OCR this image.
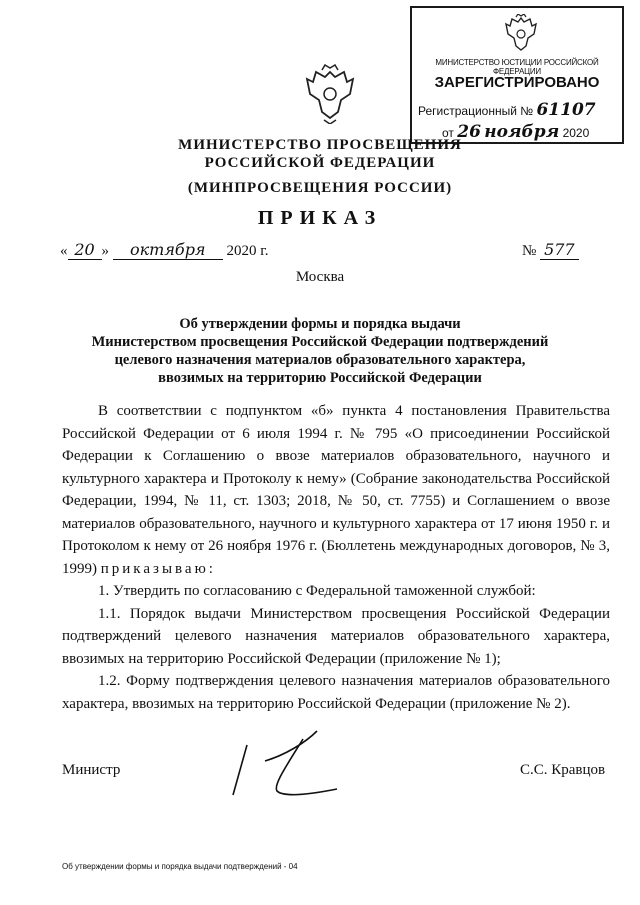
МИНИСТЕРСТВО ЮСТИЦИИ РОССИЙСКОЙ ФЕДЕРАЦИИ
ЗАРЕГИСТРИРОВАНО
Регистрационный № 61107
от 26 ноября 2020
МИНИСТЕРСТВО ПРОСВЕЩЕНИЯ
РОССИЙСКОЙ ФЕДЕРАЦИИ
(МИНПРОСВЕЩЕНИЯ РОССИИ)
ПРИКАЗ
« 20 » октября 2020 г.	№ 577
Москва
Об утверждении формы и порядка выдачи
Министерством просвещения Российской Федерации подтверждений
целевого назначения материалов образовательного характера,
ввозимых на территорию Российской Федерации

В соответствии с подпунктом «б» пункта 4 постановления Правительства Российской Федерации от 6 июля 1994 г. № 795 «О присоединении Российской Федерации к Соглашению о ввозе материалов образовательного, научного и культурного характера и Протоколу к нему» (Собрание законодательства Российской Федерации, 1994, № 11, ст. 1303; 2018, № 50, ст. 7755) и Соглашением о ввозе материалов образовательного, научного и культурного характера от 17 июня 1950 г. и Протоколом к нему от 26 ноября 1976 г. (Бюллетень международных договоров, № 3, 1999) приказываю:

1. Утвердить по согласованию с Федеральной таможенной службой:

1.1. Порядок выдачи Министерством просвещения Российской Федерации подтверждений целевого назначения материалов образовательного характера, ввозимых на территорию Российской Федерации (приложение № 1);

1.2. Форму подтверждения целевого назначения материалов образовательного характера, ввозимых на территорию Российской Федерации (приложение № 2).

Министр	С.С. Кравцов
Об утверждении формы и порядка выдачи подтверждений - 04
